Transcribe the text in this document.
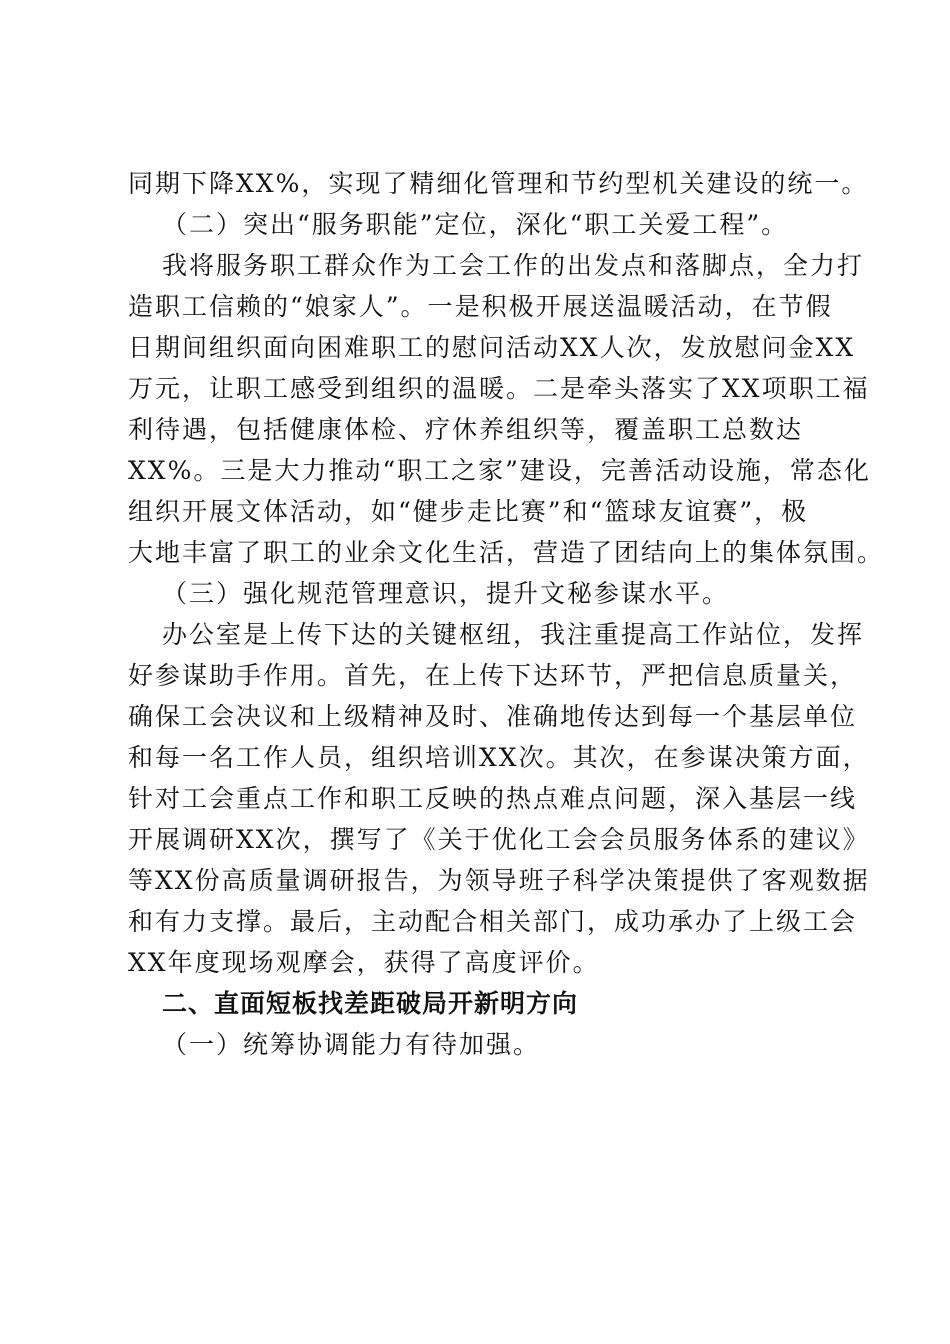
同期下降XX%，实现了精细化管理和节约型机关建设的统一。

（二）突出“服务职能”定位，深化“职工关爱工程”。

我将服务职工群众作为工会工作的出发点和落脚点，全力打
造职工信赖的“娘家人”。一是积极开展送温暖活动，在节假
日期间组织面向困难职工的慰问活动XX人次，发放慰问金XX
万元，让职工感受到组织的温暖。二是牵头落实了XX项职工福
利待遇，包括健康体检、疗休养组织等，覆盖职工总数达
XX%。三是大力推动“职工之家”建设，完善活动设施，常态化
组织开展文体活动，如“健步走比赛”和“篮球友谊赛”，极
大地丰富了职工的业余文化生活，营造了团结向上的集体氛围。

（三）强化规范管理意识，提升文秘参谋水平。

办公室是上传下达的关键枢纽，我注重提高工作站位，发挥
好参谋助手作用。首先，在上传下达环节，严把信息质量关，
确保工会决议和上级精神及时、准确地传达到每一个基层单位
和每一名工作人员，组织培训XX次。其次，在参谋决策方面，
针对工会重点工作和职工反映的热点难点问题，深入基层一线
开展调研XX次，撰写了《关于优化工会会员服务体系的建议》
等XX份高质量调研报告，为领导班子科学决策提供了客观数据
和有力支撑。最后，主动配合相关部门，成功承办了上级工会
XX年度现场观摩会，获得了高度评价。

二、直面短板找差距破局开新明方向

（一）统筹协调能力有待加强。
